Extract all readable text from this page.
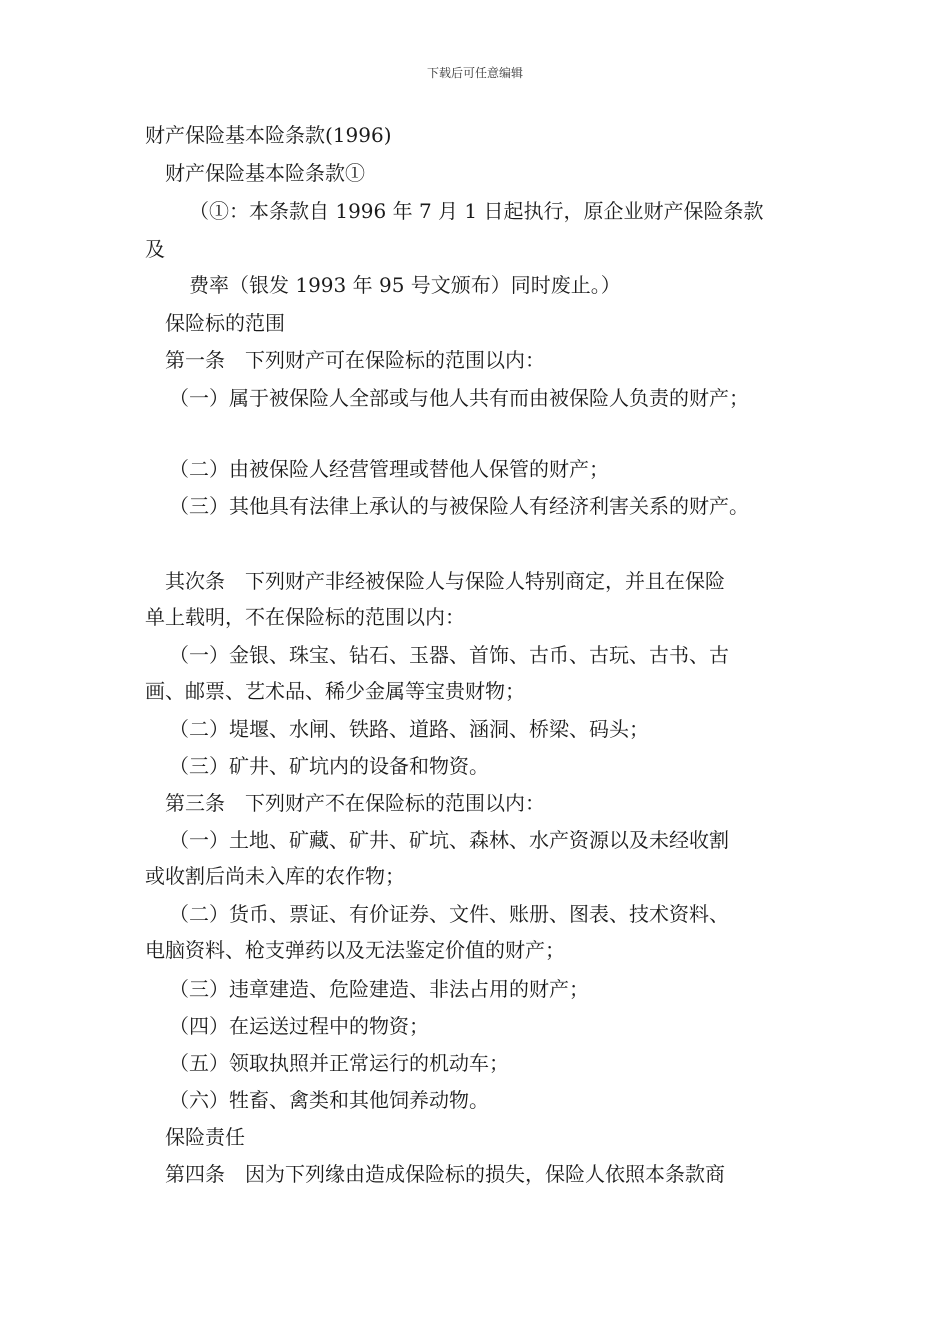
下载后可任意编辑
财产保险基本险条款(1996)
财产保险基本险条款①
（①：本条款自 1996 年 7 月 1 日起执行，原企业财产保险条款
及
费率（银发 1993 年 95 号文颁布）同时废止。）
保险标的范围
第一条　下列财产可在保险标的范围以内：
（一）属于被保险人全部或与他人共有而由被保险人负责的财产；
（二）由被保险人经营管理或替他人保管的财产；
（三）其他具有法律上承认的与被保险人有经济利害关系的财产。
其次条　下列财产非经被保险人与保险人特别商定，并且在保险
单上载明，不在保险标的范围以内：
（一）金银、珠宝、钻石、玉器、首饰、古币、古玩、古书、古
画、邮票、艺术品、稀少金属等宝贵财物；
（二）堤堰、水闸、铁路、道路、涵洞、桥梁、码头；
（三）矿井、矿坑内的设备和物资。
第三条　下列财产不在保险标的范围以内：
（一）土地、矿藏、矿井、矿坑、森林、水产资源以及未经收割
或收割后尚未入库的农作物；
（二）货币、票证、有价证券、文件、账册、图表、技术资料、
电脑资料、枪支弹药以及无法鉴定价值的财产；
（三）违章建造、危险建造、非法占用的财产；
（四）在运送过程中的物资；
（五）领取执照并正常运行的机动车；
（六）牲畜、禽类和其他饲养动物。
保险责任
第四条　因为下列缘由造成保险标的损失，保险人依照本条款商
